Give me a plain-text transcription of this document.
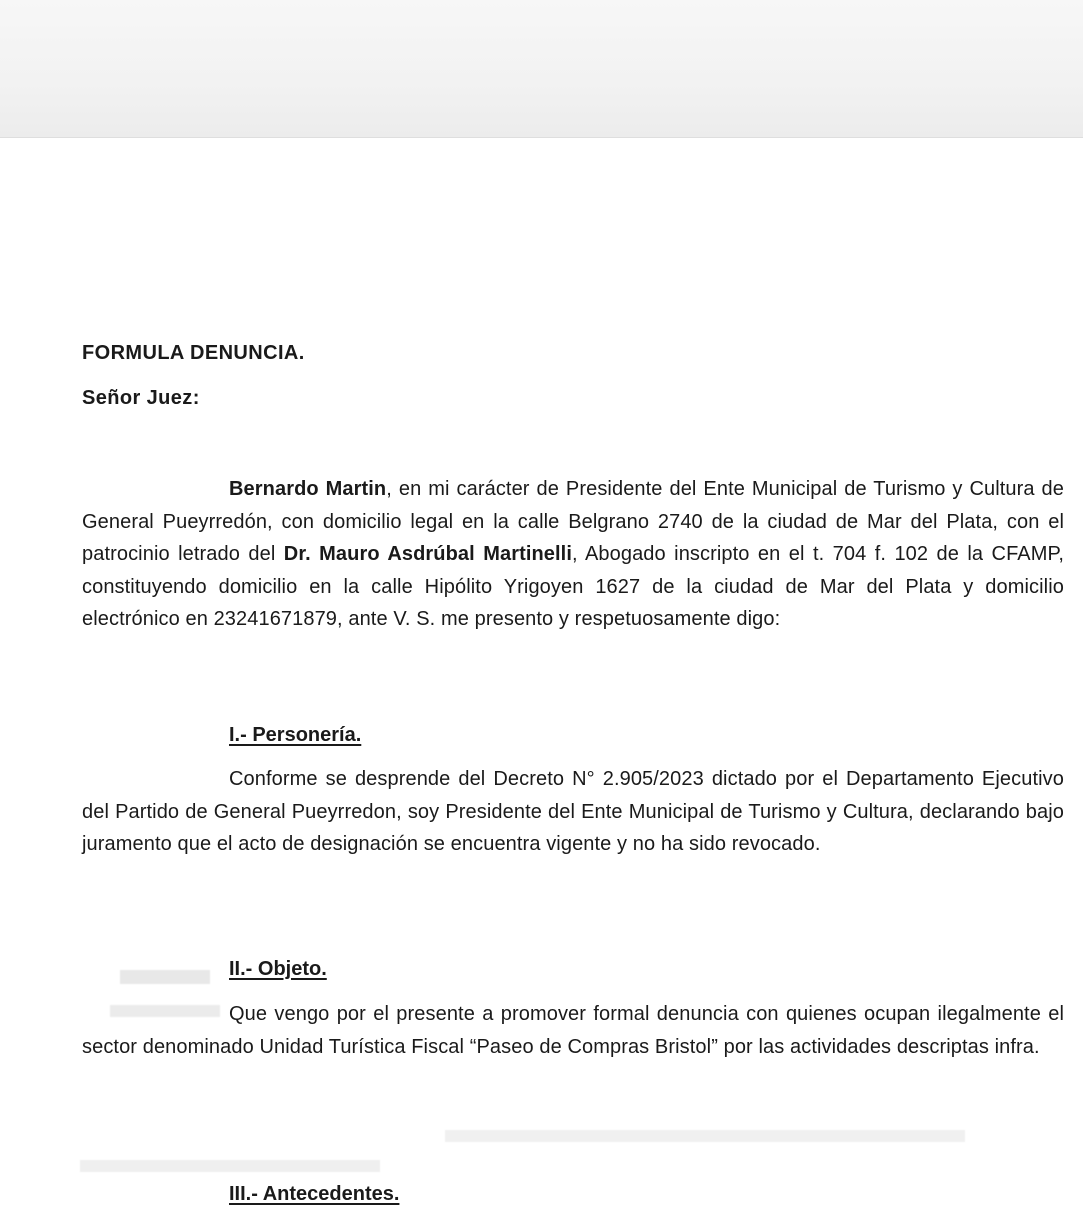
FORMULA DENUNCIA.
Señor Juez:

Bernardo Martin, en mi carácter de Presidente del Ente Municipal de Turismo y Cultura de General Pueyrredón, con domicilio legal en la calle Belgrano 2740 de la ciudad de Mar del Plata, con el patrocinio letrado del Dr. Mauro Asdrúbal Martinelli, Abogado inscripto en el t. 704 f. 102 de la CFAMP, constituyendo domicilio en la calle Hipólito Yrigoyen 1627 de la ciudad de Mar del Plata y domicilio electrónico en 23241671879, ante V. S. me presento y respetuosamente digo:

I.- Personería.

Conforme se desprende del Decreto N° 2.905/2023 dictado por el Departamento Ejecutivo del Partido de General Pueyrredon, soy Presidente del Ente Municipal de Turismo y Cultura, declarando bajo juramento que el acto de designación se encuentra vigente y no ha sido revocado.

II.- Objeto.

Que vengo por el presente a promover formal denuncia con quienes ocupan ilegalmente el sector denominado Unidad Turística Fiscal “Paseo de Compras Bristol” por las actividades descriptas infra.

III.- Antecedentes.
